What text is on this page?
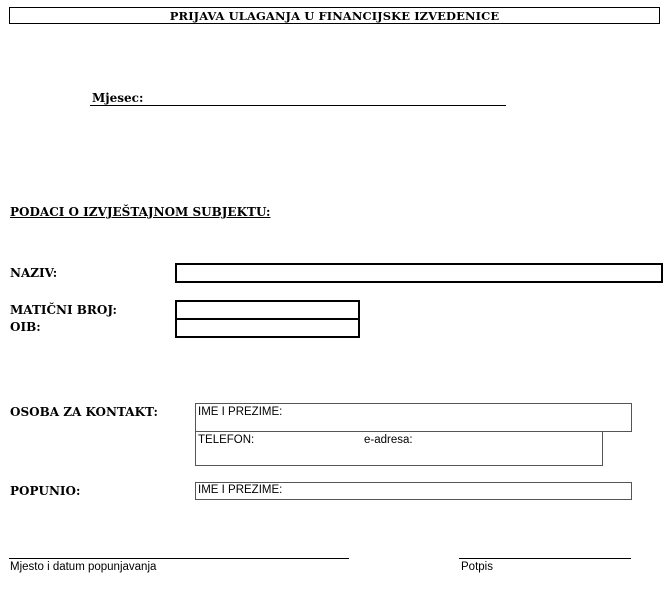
PRIJAVA ULAGANJA U FINANCIJSKE IZVEDENICE
Mjesec:
PODACI O IZVJEŠTAJNOM SUBJEKTU:
NAZIV:
MATIČNI BROJ:
OIB:
OSOBA ZA KONTAKT:	IME I PREZIME:
TELEFON:	e-adresa:
POPUNIO:	IME I PREZIME:
Mjesto i datum popunjavanja	Potpis
